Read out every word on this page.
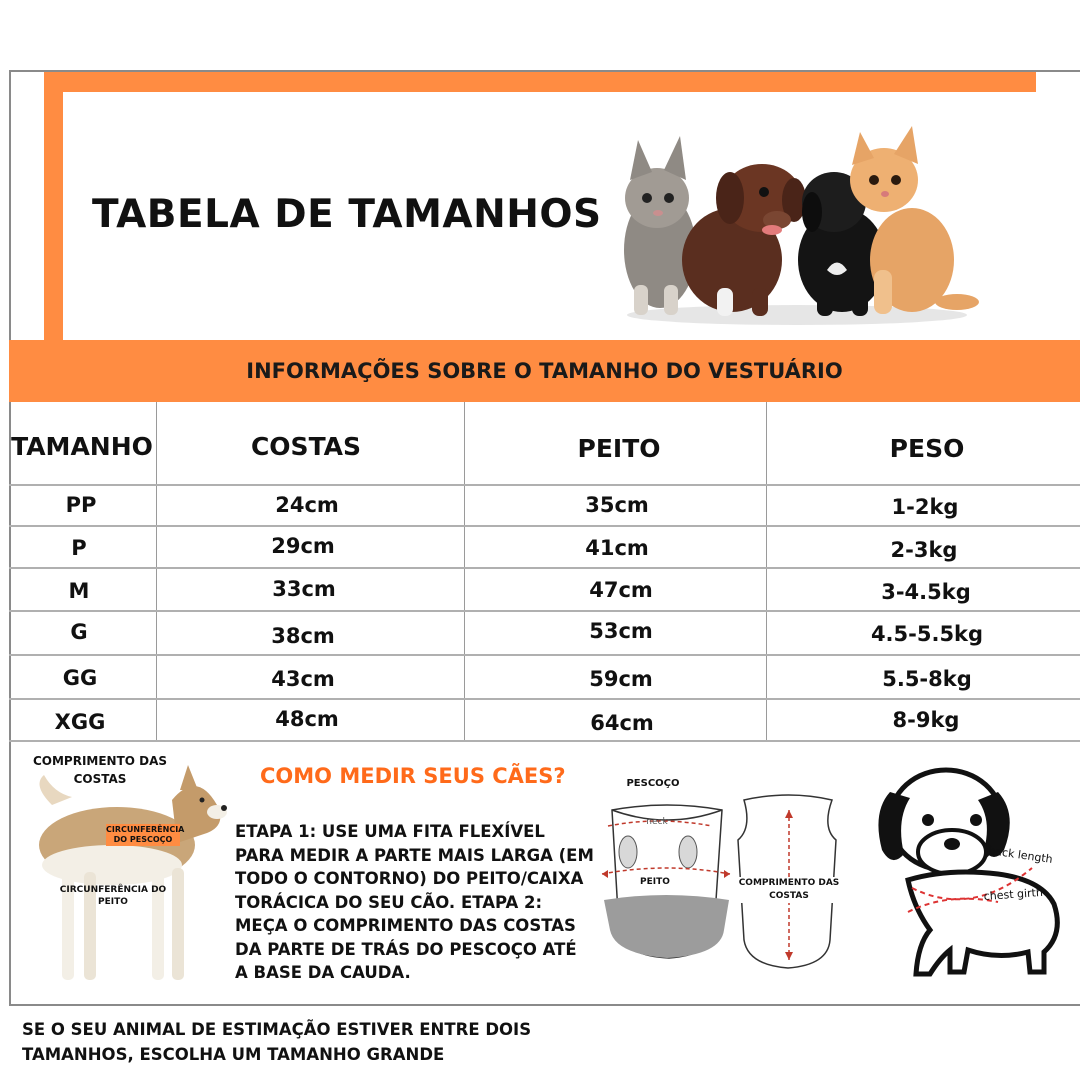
TABELA DE TAMANHOS
INFORMAÇÕES SOBRE O TAMANHO DO VESTUÁRIO
TAMANHO	COSTAS	PEITO	PESO
PP	24cm	35cm	1-2kg
P	29cm	41cm	2-3kg
M	33cm	47cm	3-4.5kg
G	38cm	53cm	4.5-5.5kg
GG	43cm	59cm	5.5-8kg
XGG	48cm	64cm	8-9kg
COMPRIMENTO DAS COSTAS
CIRCUNFERÊNCIA DO PESCOÇO
CIRCUNFERÊNCIA DO PEITO
COMO MEDIR SEUS CÃES?
ETAPA 1: USE UMA FITA FLEXÍVEL PARA MEDIR A PARTE MAIS LARGA (EM TODO O CONTORNO) DO PEITO/CAIXA TORÁCICA DO SEU CÃO. ETAPA 2: MEÇA O COMPRIMENTO DAS COSTAS DA PARTE DE TRÁS DO PESCOÇO ATÉ A BASE DA CAUDA.
PESCOÇO
neck
PEITO	COMPRIMENTO DAS COSTAS
back length
chest girth
SE O SEU ANIMAL DE ESTIMAÇÃO ESTIVER ENTRE DOIS TAMANHOS, ESCOLHA UM TAMANHO GRANDE
